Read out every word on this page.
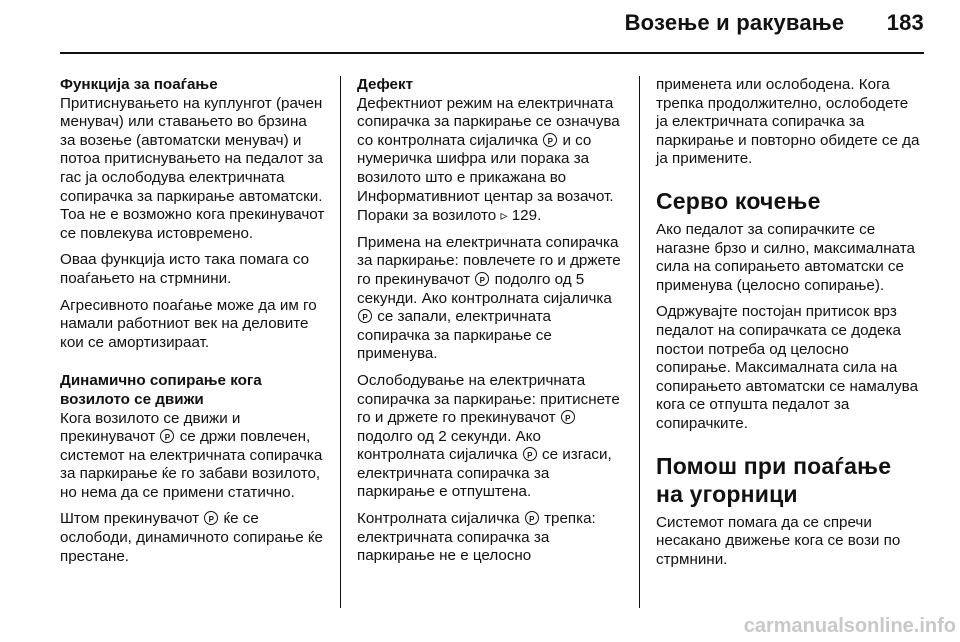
Возење и ракување 183

Функција за поаѓање

Притиснувањето на куплунгот (рачен менувач) или ставањето во брзина за возење (автоматски менувач) и потоа притиснувањето на педалот за гас ја ослободува електричната сопирачка за паркирање автоматски. Тоа не е возможно кога прекинувачот се повлекува истовремено.

Оваа функција исто така помага со поаѓањето на стрмнини.

Агресивното поаѓање може да им го намали работниот век на деловите кои се амортизираат.

Динамично сопирање кога возилото се движи

Кога возилото се движи и прекинувачот P се држи повлечен, системот на електричната сопирачка за паркирање ќе го забави возилото, но нема да се примени статично.

Штом прекинувачот P ќе се ослободи, динамичното сопирање ќе престане.

Дефект

Дефектниот режим на електричната сопирачка за паркирање се означува со контролната сијаличка P и со нумеричка шифра или порака за возилото што е прикажана во Информативниот центар за возачот. Пораки за возилото ▹ 129.

Примена на електричната сопирачка за паркирање: повлечете го и држете го прекинувачот P подолго од 5 секунди. Ако контролната сијаличка P се запали, електричната сопирачка за паркирање се применува.

Ослободување на електричната сопирачка за паркирање: притиснете го и држете го прекинувачот P подолго од 2 секунди. Ако контролната сијаличка P се изгаси, електричната сопирачка за паркирање е отпуштена.

Контролната сијаличка P трепка: електричната сопирачка за паркирање не е целосно

применета или ослободена. Кога трепка продолжително, ослободете ја електричната сопирачка за паркирање и повторно обидете се да ја примените.

Серво кочење

Ако педалот за сопирачките се нагазне брзо и силно, максималната сила на сопирањето автоматски се применува (целосно сопирање).

Одржувајте постојан притисок врз педалот на сопирачката се додека постои потреба од целосно сопирање. Максималната сила на сопирањето автоматски се намалува кога се отпушта педалот за сопирачките.

Помош при поаѓање на угорници

Системот помага да се спречи несакано движење кога се вози по стрмнини.

carmanualsonline.info
